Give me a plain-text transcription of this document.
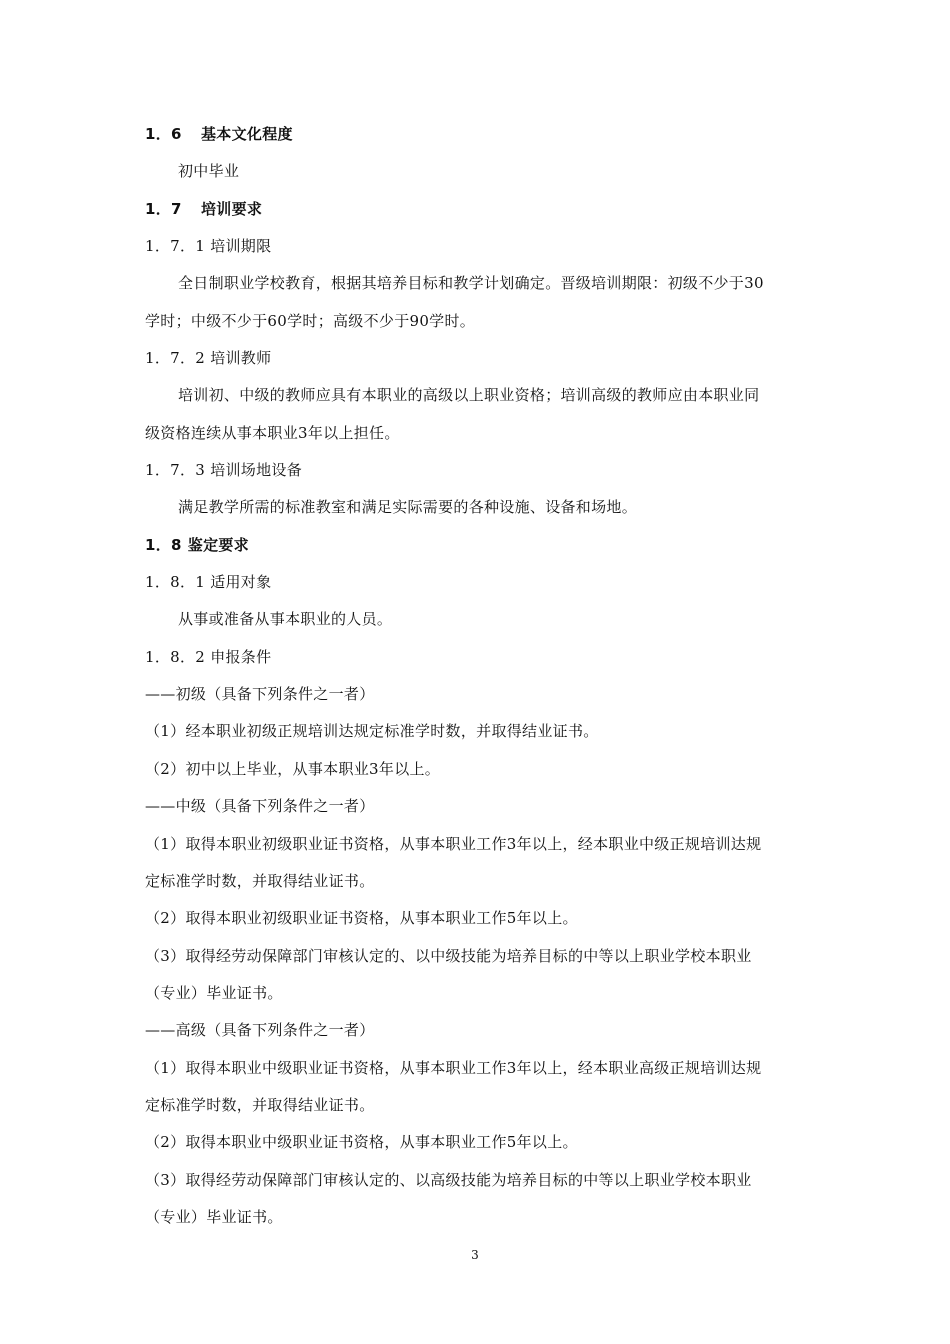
1．6 基本文化程度
初中毕业
1．7 培训要求
1．7．1 培训期限
全日制职业学校教育，根据其培养目标和教学计划确定。晋级培训期限：初级不少于30
学时；中级不少于60学时；高级不少于90学时。
1．7．2 培训教师
培训初、中级的教师应具有本职业的高级以上职业资格；培训高级的教师应由本职业同
级资格连续从事本职业3年以上担任。
1．7．3 培训场地设备
满足教学所需的标准教室和满足实际需要的各种设施、设备和场地。
1．8 鉴定要求
1．8．1 适用对象
从事或准备从事本职业的人员。
1．8．2 申报条件
——初级（具备下列条件之一者）
（1）经本职业初级正规培训达规定标准学时数，并取得结业证书。
（2）初中以上毕业，从事本职业3年以上。
——中级（具备下列条件之一者）
（1）取得本职业初级职业证书资格，从事本职业工作3年以上，经本职业中级正规培训达规
定标准学时数，并取得结业证书。
（2）取得本职业初级职业证书资格，从事本职业工作5年以上。
（3）取得经劳动保障部门审核认定的、以中级技能为培养目标的中等以上职业学校本职业
（专业）毕业证书。
——高级（具备下列条件之一者）
（1）取得本职业中级职业证书资格，从事本职业工作3年以上，经本职业高级正规培训达规
定标准学时数，并取得结业证书。
（2）取得本职业中级职业证书资格，从事本职业工作5年以上。
（3）取得经劳动保障部门审核认定的、以高级技能为培养目标的中等以上职业学校本职业
（专业）毕业证书。
3
